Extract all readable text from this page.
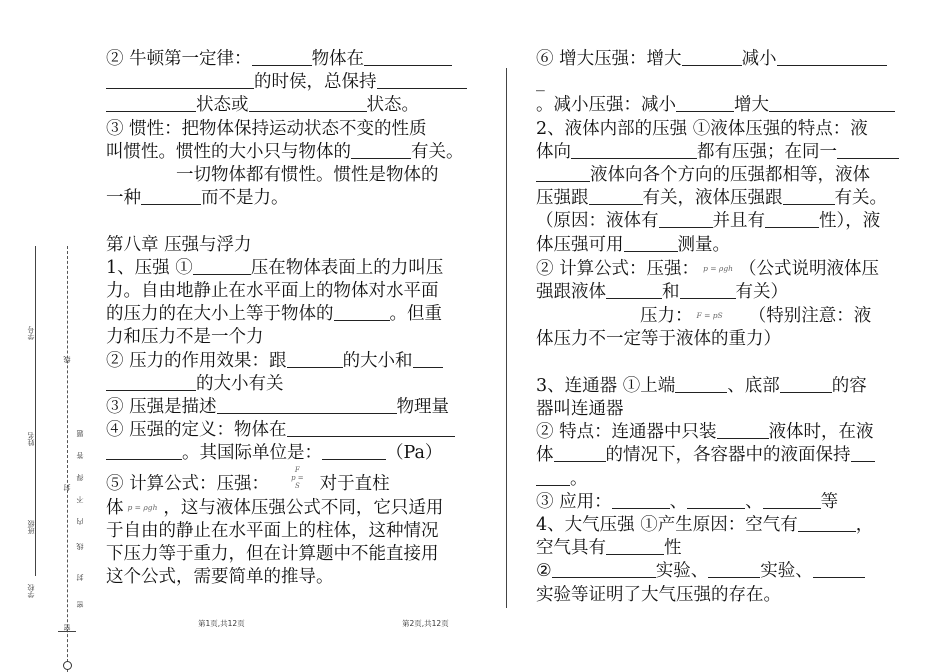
② 牛顿第一定律：	物体在

的时侯，总保持

状态或	状态。

③ 惯性：把物体保持运动状态不变的性质

叫惯性。惯性的大小只与物体的	有关。

一切物体都有惯性。惯性是物体的

一种	而不是力。

第八章 压强与浮力

1、压强 ①	压在物体表面上的力叫压

力。自由地静止在水平面上的物体对水平面

的压力的在大小上等于物体的	。但重

力和压力不是一个力

② 压力的作用效果：跟	的大小和

的大小有关

③ 压强是描述	物理量

④ 压强的定义：物体在

。其国际单位是：	（Pa）

⑤ 计算公式：压强：
F
p =
S 对于直柱

体p = ρgh ，这与液体压强公式不同，它只适用

于自由的静止在水平面上的柱体，这种情况

下压力等于重力，但在计算题中不能直接用

这个公式，需要简单的推导。

⑥ 增大压强：增大	减小

_

。减小压强：减小	增大

2、液体内部的压强 ①液体压强的特点：液

体向	都有压强；在同一

液体向各个方向的压强都相等，液体

压强跟	有关，液体压强跟	有关。

（原因：液体有	并且有	性），液

体压强可用	测量。

② 计算公式：压强： p = ρgh （公式说明液体压

强跟液体	和	有关）

压力： F = pS （特别注意：液

体压力不一定等于液体的重力）

3、连通器 ①上端	、底部	的容

器叫连通器

② 特点：连通器中只装	液体时，在液

体	的情况下，各容器中的液面保持

。

③ 应用：	、	、	等

4、大气压强 ①产生原因：空气有	，

空气具有	性

②	实验、	实验、

实验等证明了大气压强的存在。

第1页,共12页	第2页,共12页
学号
线
姓名	题
答
得
不
内
封
线
班级
封
学校
密
密
